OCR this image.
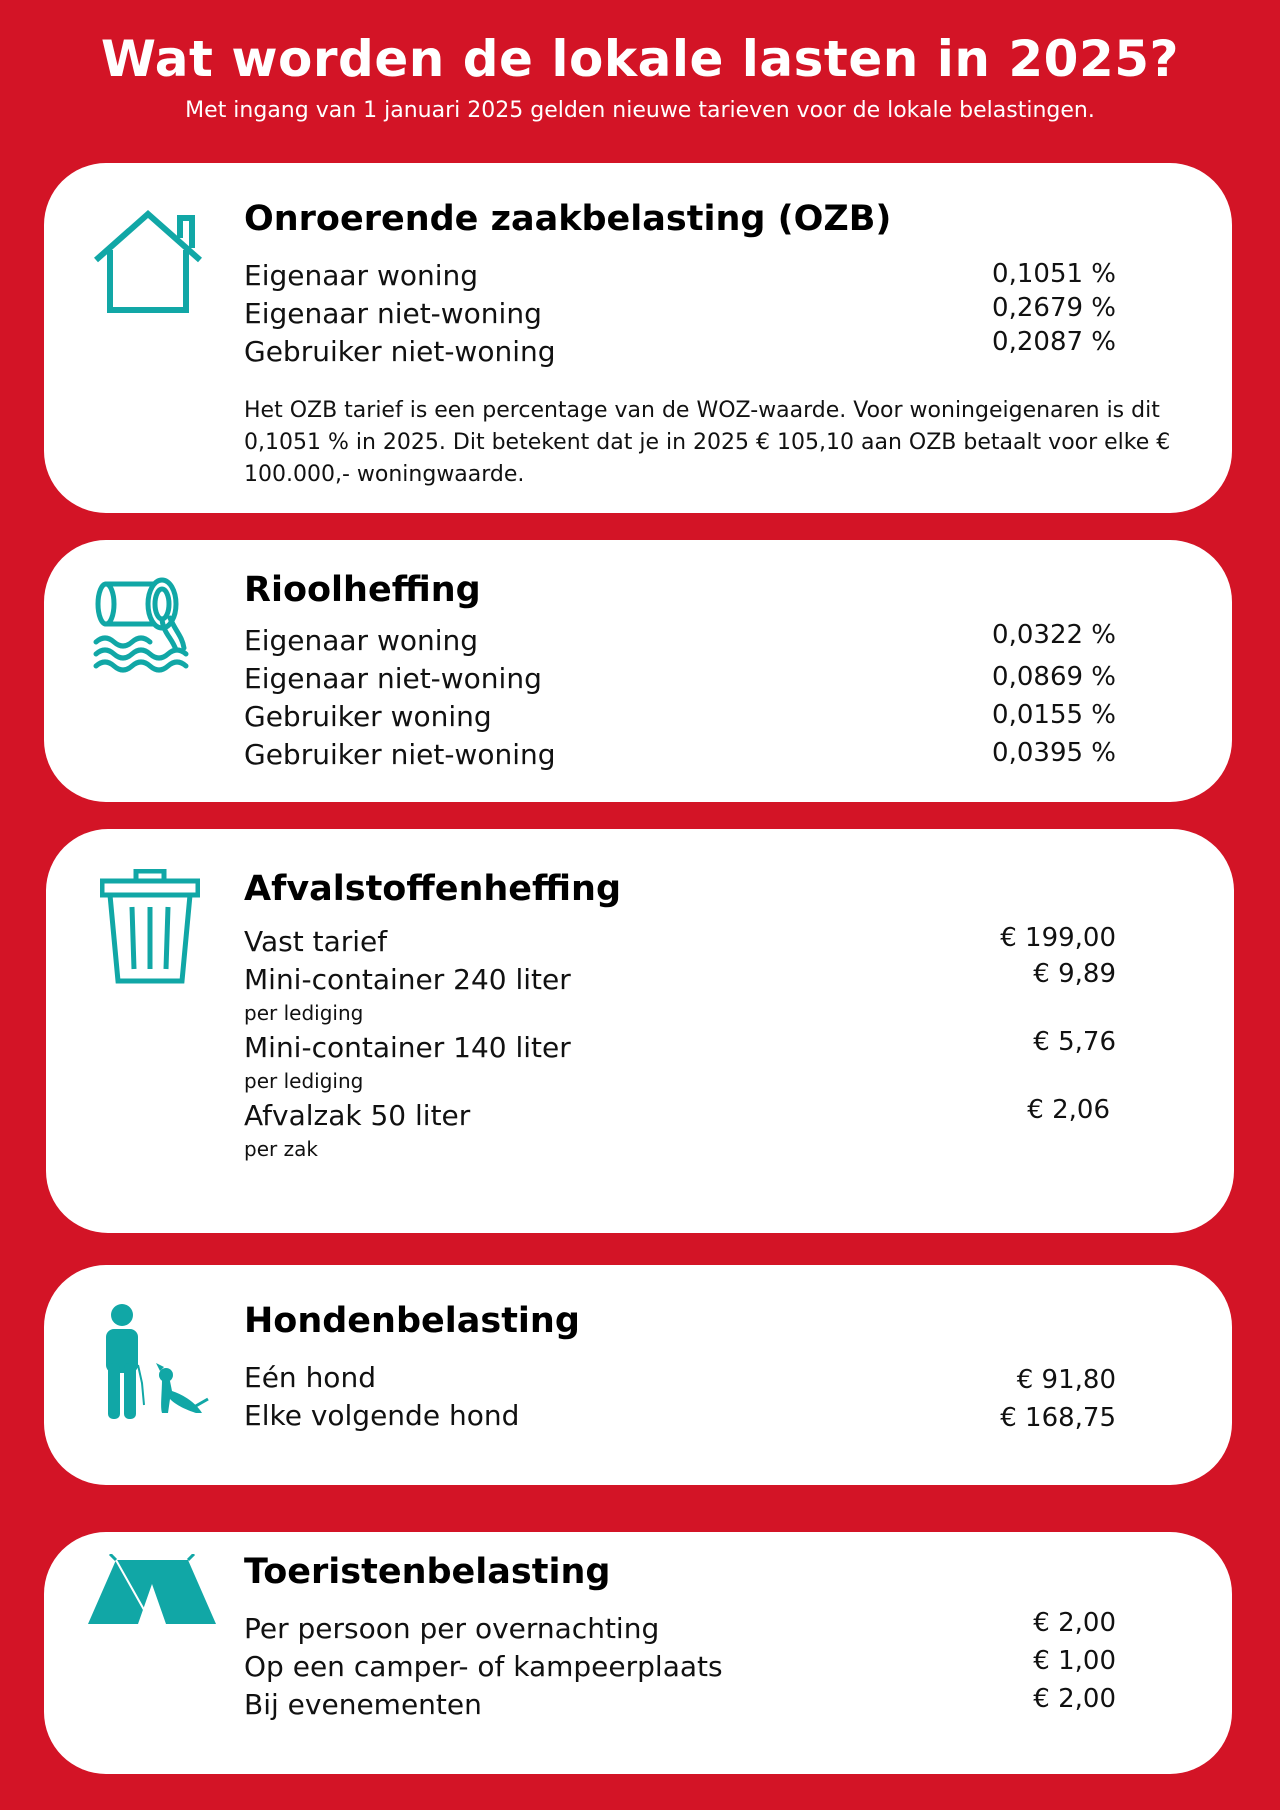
Wat worden de lokale lasten in 2025?
Met ingang van 1 januari 2025 gelden nieuwe tarieven voor de lokale belastingen.
Onroerende zaakbelasting (OZB)
Eigenaar woning	0,1051 %
Eigenaar niet-woning	0,2679 %
Gebruiker niet-woning	0,2087 %
Het OZB tarief is een percentage van de WOZ-waarde. Voor woningeigenaren is dit 0,1051 % in 2025. Dit betekent dat je in 2025 € 105,10 aan OZB betaalt voor elke € 100.000,- woningwaarde.
Rioolheffing
Eigenaar woning	0,0322 %
Eigenaar niet-woning	0,0869 %
Gebruiker woning	0,0155 %
Gebruiker niet-woning	0,0395 %
Afvalstoffenheffing
Vast tarief	€ 199,00
Mini-container 240 liter	€ 9,89
per lediging
Mini-container 140 liter	€ 5,76
per lediging
Afvalzak 50 liter	€ 2,06
per zak
Hondenbelasting
Eén hond	€ 91,80
Elke volgende hond	€ 168,75
Toeristenbelasting
Per persoon per overnachting	€ 2,00
Op een camper- of kampeerplaats	€ 1,00
Bij evenementen	€ 2,00
